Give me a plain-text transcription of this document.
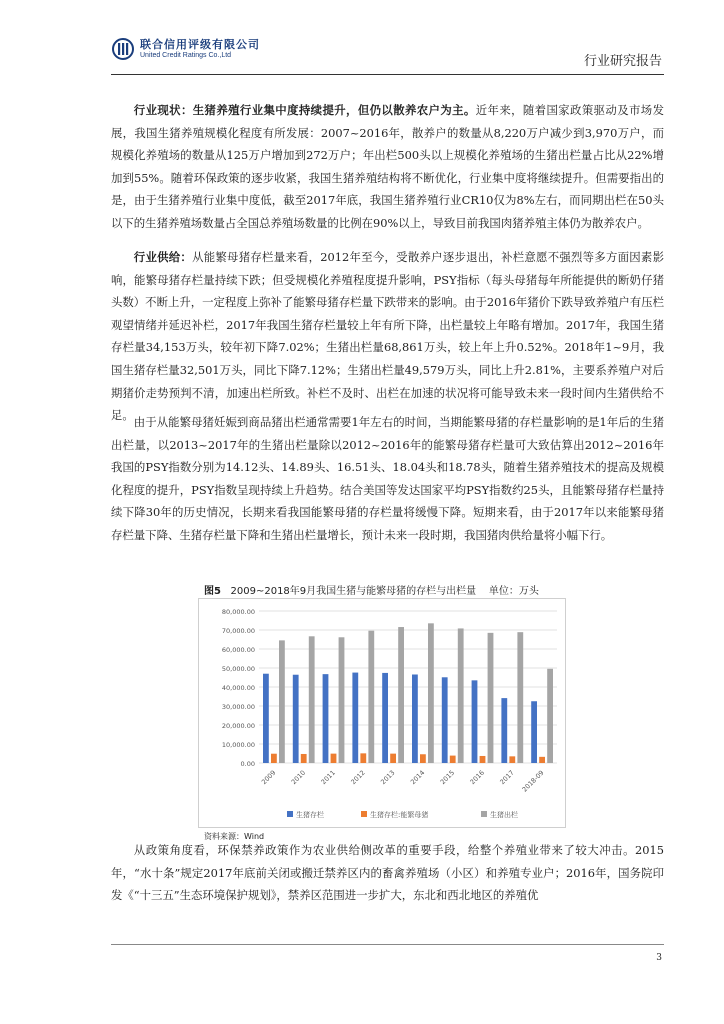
联合信用评级有限公司
United Credit Ratings Co.,Ltd	行业研究报告

行业现状：生猪养殖行业集中度持续提升，但仍以散养农户为主。近年来，随着国家政策驱动及市场发展，我国生猪养殖规模化程度有所发展：2007~2016年，散养户的数量从8,220万户减少到3,970万户，而规模化养殖场的数量从125万户增加到272万户；年出栏500头以上规模化养殖场的生猪出栏量占比从22%增加到55%。随着环保政策的逐步收紧，我国生猪养殖结构将不断优化，行业集中度将继续提升。但需要指出的是，由于生猪养殖行业集中度低，截至2017年底，我国生猪养殖行业CR10仅为8%左右，而同期出栏在50头以下的生猪养殖场数量占全国总养殖场数量的比例在90%以上，导致目前我国肉猪养殖主体仍为散养农户。

行业供给：从能繁母猪存栏量来看，2012年至今，受散养户逐步退出，补栏意愿不强烈等多方面因素影响，能繁母猪存栏量持续下跌；但受规模化养殖程度提升影响，PSY指标（每头母猪每年所能提供的断奶仔猪头数）不断上升，一定程度上弥补了能繁母猪存栏量下跌带来的影响。由于2016年猪价下跌导致养殖户有压栏观望情绪并延迟补栏，2017年我国生猪存栏量较上年有所下降，出栏量较上年略有增加。2017年，我国生猪存栏量34,153万头，较年初下降7.02%；生猪出栏量68,861万头，较上年上升0.52%。2018年1~9月，我国生猪存栏量32,501万头，同比下降7.12%；生猪出栏量49,579万头，同比上升2.81%，主要系养殖户对后期猪价走势预判不清，加速出栏所致。补栏不及时、出栏在加速的状况将可能导致未来一段时间内生猪供给不足。 由于从能繁母猪妊娠到商品猪出栏通常需要1年左右的时间，当期能繁母猪的存栏量影响的是1年后的生猪出栏量，以2013~2017年的生猪出栏量除以2012~2016年的能繁母猪存栏量可大致估算出2012~2016年我国的PSY指数分别为14.12头、14.89头、16.51头、18.04头和18.78头，随着生猪养殖技术的提高及规模化程度的提升，PSY指数呈现持续上升趋势。结合美国等发达国家平均PSY指数约25头，且能繁母猪存栏量持续下降30年的历史情况，长期来看我国能繁母猪的存栏量将缓慢下降。短期来看，由于2017年以来能繁母猪存栏量下降、生猪存栏量下降和生猪出栏量增长，预计未来一段时期，我国猪肉供给量将小幅下行。

图5 2009~2018年9月我国生猪与能繁母猪的存栏与出栏量 单位：万头
80,000.00
70,000.00
60,000.00
50,000.00
40,000.00
30,000.00
20,000.00
10,000.00
0.00
2009 2010 2011 2012 2013 2014 2015 2016 2017 2018-09
生猪存栏	生猪存栏:能繁母猪	生猪出栏
资料来源：Wind

从政策角度看，环保禁养政策作为农业供给侧改革的重要手段，给整个养殖业带来了较大冲击。2015年，“水十条”规定2017年底前关闭或搬迁禁养区内的畜禽养殖场（小区）和养殖专业户；2016年，国务院印发《“十三五”生态环境保护规划》，禁养区范围进一步扩大，东北和西北地区的养殖优

3
